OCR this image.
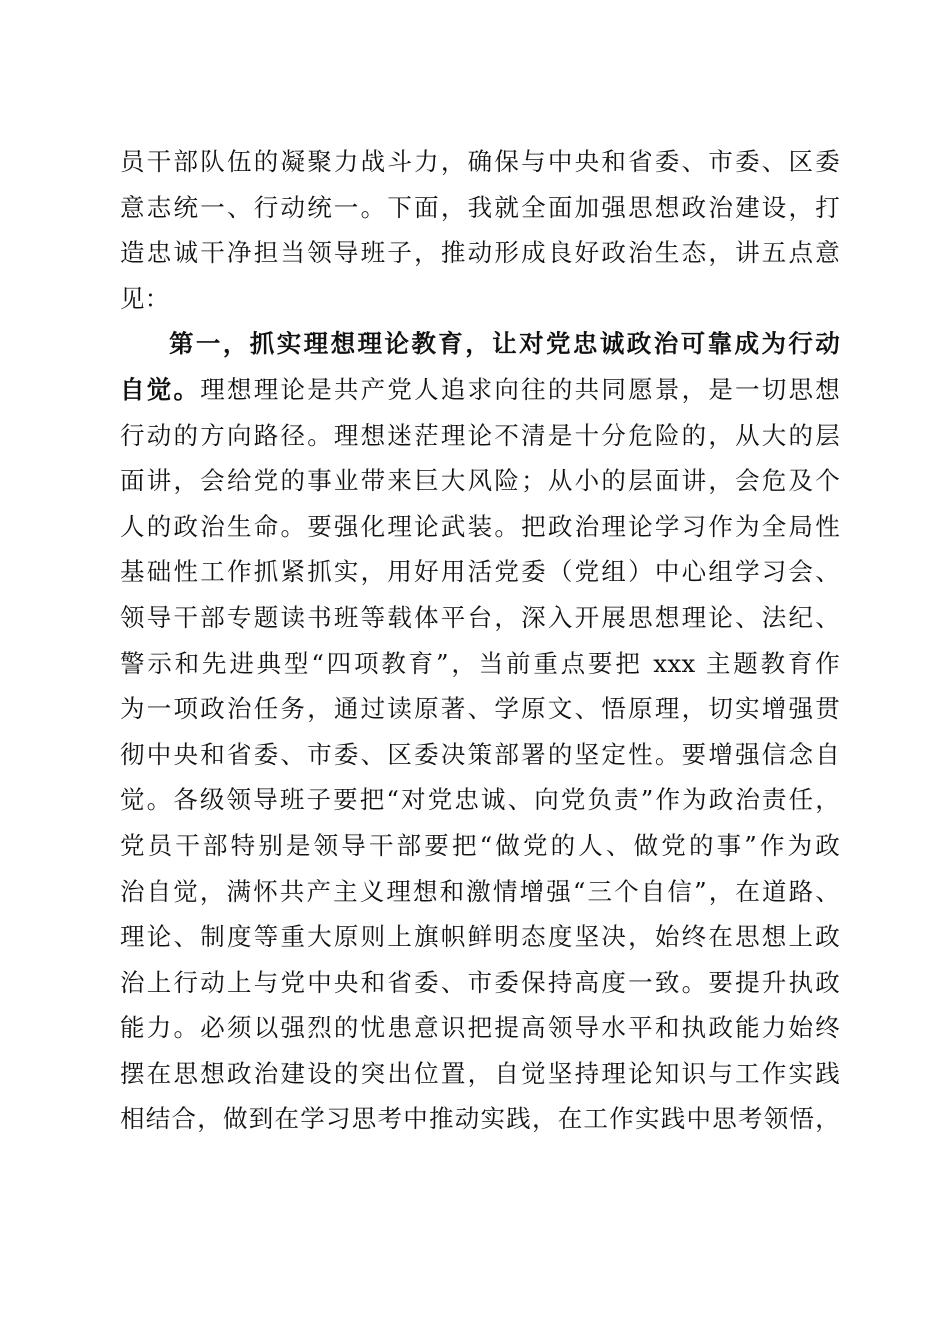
员干部队伍的凝聚力战斗力，确保与中央和省委、市委、区委
意志统一、行动统一。下面，我就全面加强思想政治建设，打
造忠诚干净担当领导班子，推动形成良好政治生态，讲五点意
见：
第一，抓实理想理论教育，让对党忠诚政治可靠成为行动
自觉。理想理论是共产党人追求向往的共同愿景，是一切思想
行动的方向路径。理想迷茫理论不清是十分危险的，从大的层
面讲，会给党的事业带来巨大风险；从小的层面讲，会危及个
人的政治生命。要强化理论武装。把政治理论学习作为全局性
基础性工作抓紧抓实，用好用活党委（党组）中心组学习会、
领导干部专题读书班等载体平台，深入开展思想理论、法纪、
警示和先进典型“四项教育”，当前重点要把 xxx 主题教育作
为一项政治任务，通过读原著、学原文、悟原理，切实增强贯
彻中央和省委、市委、区委决策部署的坚定性。要增强信念自
觉。各级领导班子要把“对党忠诚、向党负责”作为政治责任，
党员干部特别是领导干部要把“做党的人、做党的事”作为政
治自觉，满怀共产主义理想和激情增强“三个自信”，在道路、
理论、制度等重大原则上旗帜鲜明态度坚决，始终在思想上政
治上行动上与党中央和省委、市委保持高度一致。要提升执政
能力。必须以强烈的忧患意识把提高领导水平和执政能力始终
摆在思想政治建设的突出位置，自觉坚持理论知识与工作实践
相结合，做到在学习思考中推动实践，在工作实践中思考领悟，
